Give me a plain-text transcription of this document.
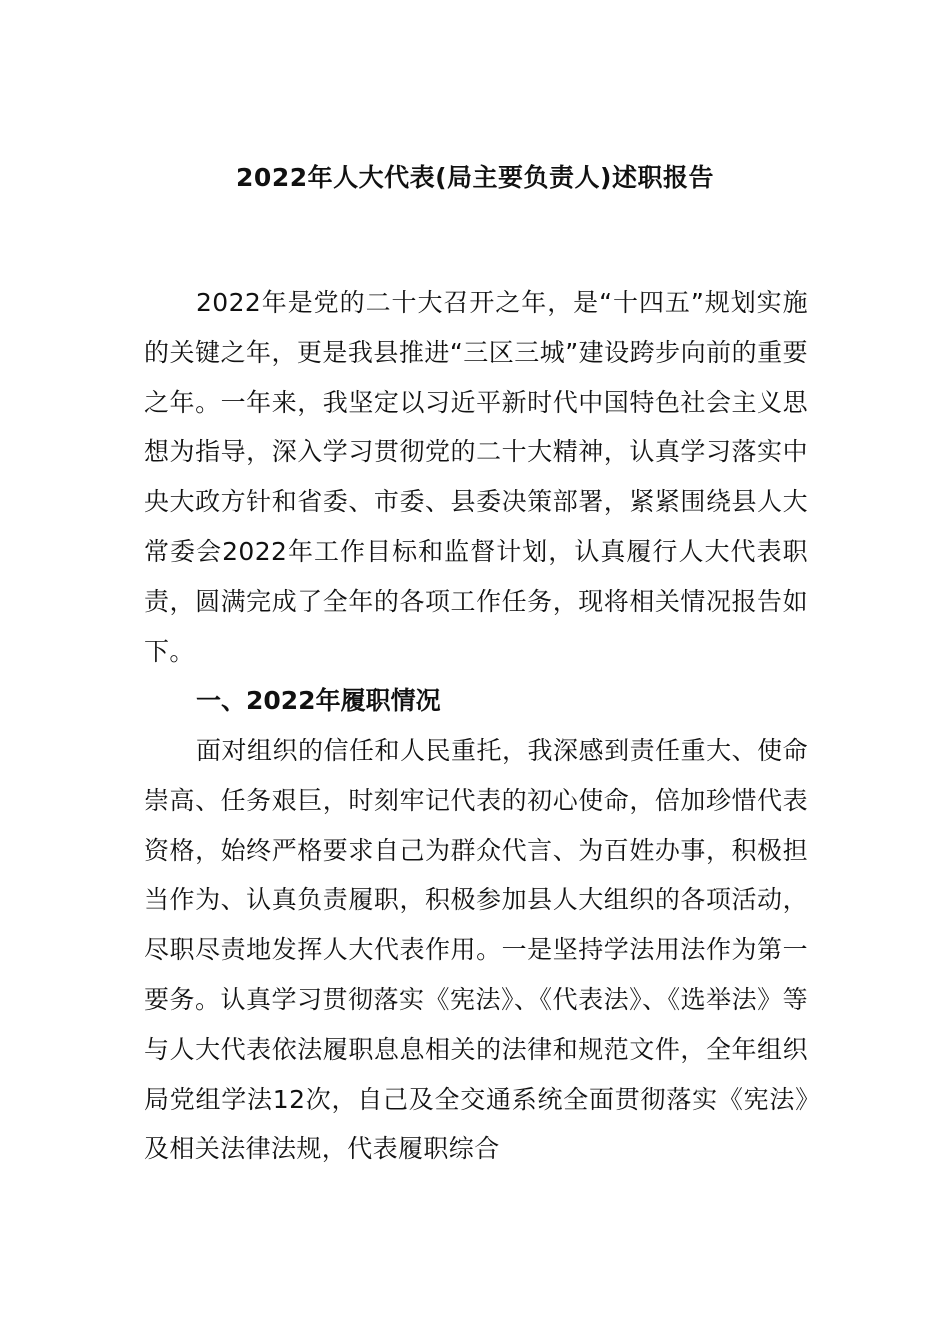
2022年人大代表(局主要负责人)述职报告

2022年是党的二十大召开之年，是“十四五”规划实施的关键之年，更是我县推进“三区三城”建设跨步向前的重要之年。一年来，我坚定以习近平新时代中国特色社会主义思想为指导，深入学习贯彻党的二十大精神，认真学习落实中央大政方针和省委、市委、县委决策部署，紧紧围绕县人大常委会2022年工作目标和监督计划，认真履行人大代表职责，圆满完成了全年的各项工作任务，现将相关情况报告如下。

一、2022年履职情况

面对组织的信任和人民重托，我深感到责任重大、使命崇高、任务艰巨，时刻牢记代表的初心使命，倍加珍惜代表资格，始终严格要求自己为群众代言、为百姓办事，积极担当作为、认真负责履职，积极参加县人大组织的各项活动，尽职尽责地发挥人大代表作用。一是坚持学法用法作为第一要务。认真学习贯彻落实《宪法》、《代表法》、《选举法》等与人大代表依法履职息息相关的法律和规范文件，全年组织局党组学法12次，自己及全交通系统全面贯彻落实《宪法》及相关法律法规，代表履职综合
